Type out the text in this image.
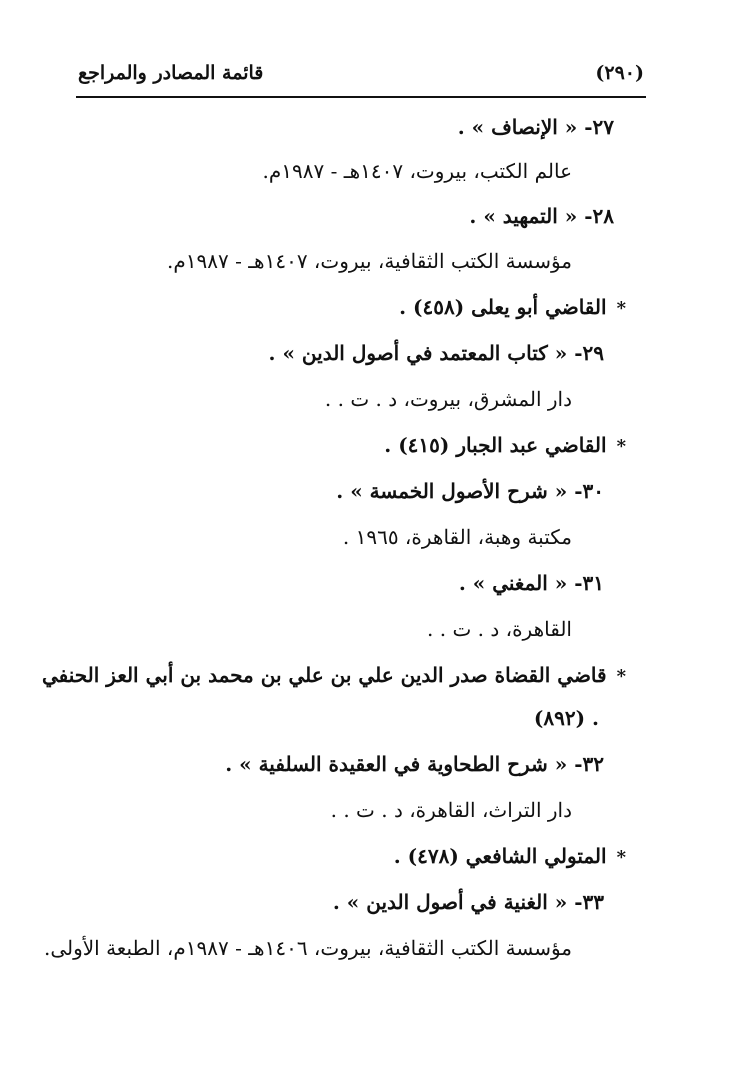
(٢٩٠)
قائمة المصادر والمراجع
٢٧- « الإنصاف » .
عالم الكتب، بيروت، ١٤٠٧هـ - ١٩٨٧م.
٢٨- « التمهيد » .
مؤسسة الكتب الثقافية، بيروت، ١٤٠٧هـ - ١٩٨٧م.
*القاضي أبو يعلى (٤٥٨) .
٢٩- « كتاب المعتمد في أصول الدين » .
دار المشرق، بيروت، د . ت . .
*القاضي عبد الجبار (٤١٥) .
٣٠- « شرح الأصول الخمسة » .
مكتبة وهبة، القاهرة، ١٩٦٥ .
٣١- « المغني » .
القاهرة، د . ت . .
*قاضي القضاة صدر الدين علي بن علي بن محمد بن أبي العز الحنفي
(٨٩٢) .
٣٢- « شرح الطحاوية في العقيدة السلفية » .
دار التراث، القاهرة، د . ت . .
*المتولي الشافعي (٤٧٨) .
٣٣- « الغنية في أصول الدين » .
مؤسسة الكتب الثقافية، بيروت، ١٤٠٦هـ - ١٩٨٧م، الطبعة الأولى.
